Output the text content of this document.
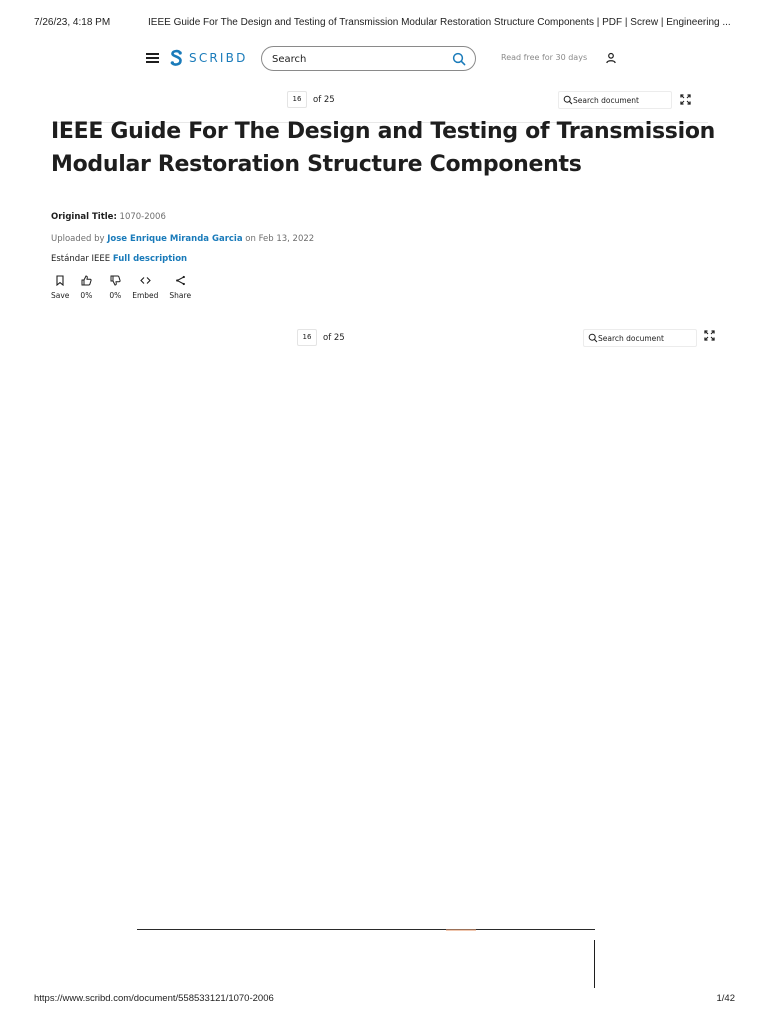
7/26/23, 4:18 PM	IEEE Guide For The Design and Testing of Transmission Modular Restoration Structure Components | PDF | Screw | Engineering ...
SCRIBD
Search	Read free for 30 days
16	of 25	Search document
IEEE Guide For The Design and Testing of Transmission Modular Restoration Structure Components
Original Title: 1070-2006
Uploaded by Jose Enrique Miranda Garcia on Feb 13, 2022
Estándar IEEE Full description
Save 0% 0% Embed Share
16	of 25	Search document
https://www.scribd.com/document/558533121/1070-2006	1/42
